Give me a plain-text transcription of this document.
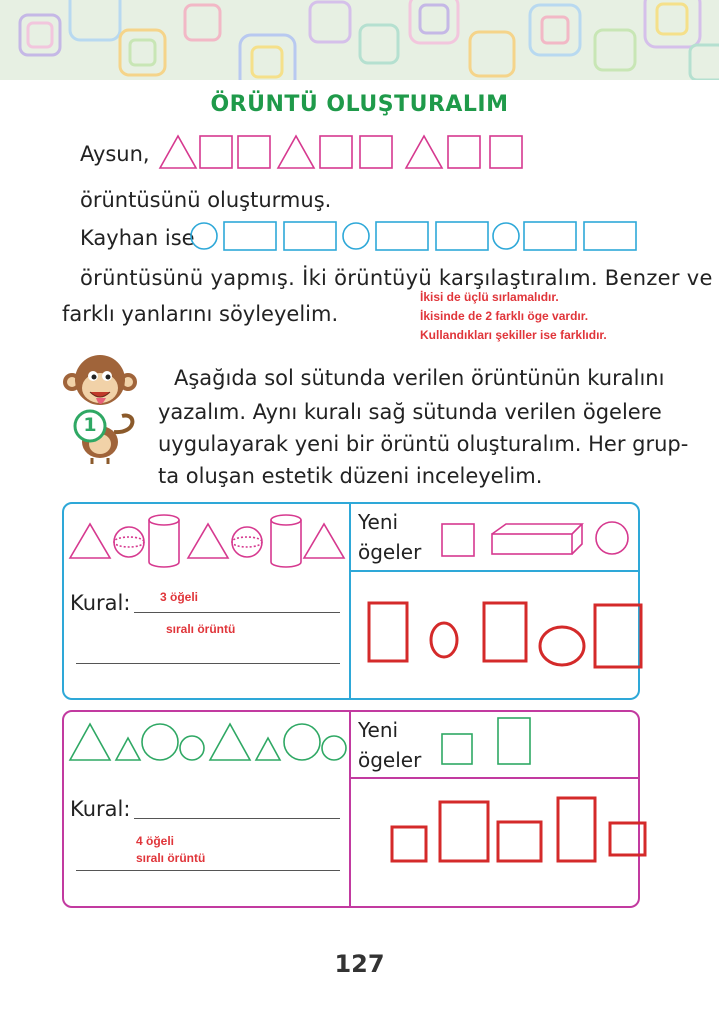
ÖRÜNTÜ OLUŞTURALIM
Aysun,
örüntüsünü oluşturmuş.
Kayhan ise
örüntüsünü yapmış. İki örüntüyü karşılaştıralım. Benzer ve
farklı yanlarını söyleyelim.
İkisi de üçlü sırlamalıdır.
İkisinde de 2 farklı öge vardır.
Kullandıkları şekiller ise farklıdır.
1
Aşağıda sol sütunda verilen örüntünün kuralını
yazalım. Aynı kuralı sağ sütunda verilen ögelere
uygulayarak yeni bir örüntü oluşturalım. Her grup-
ta oluşan estetik düzeni inceleyelim.
Kural: 3 öğeli
sıralı örüntü
Yeni
ögeler
Kural:
4 öğeli
sıralı örüntü
Yeni
ögeler
127
